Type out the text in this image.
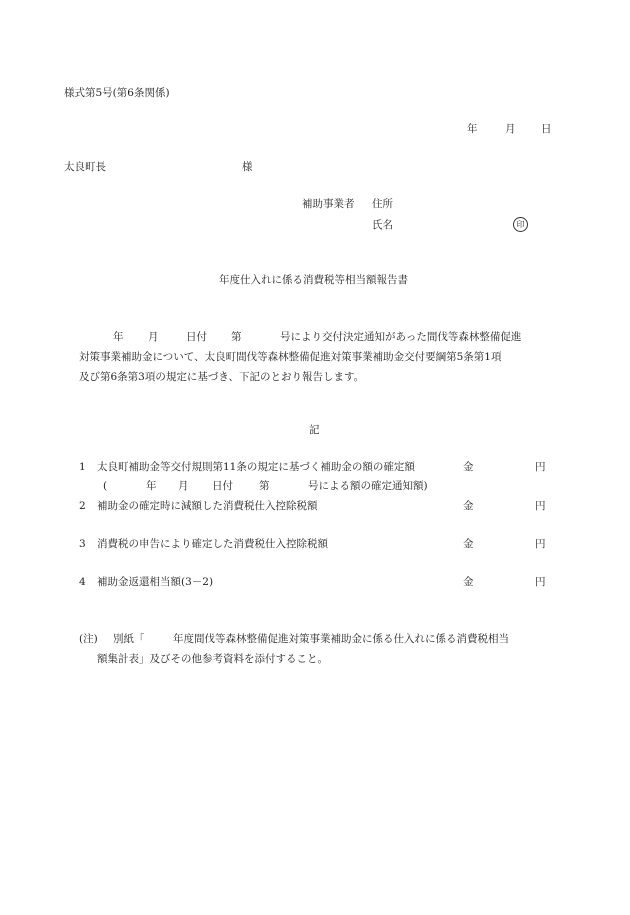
様式第5号(第6条関係)
年	月 日
太良町長	様
補助事業者 住所
氏名	印
年度仕入れに係る消費税等相当額報告書
年 月	日付 第	号により交付決定通知があった間伐等森林整備促進
対策事業補助金について、太良町間伐等森林整備促進対策事業補助金交付要綱第5条第1項
及び第6条第3項の規定に基づき、下記のとおり報告します。
記
1 太良町補助金等交付規則第11条の規定に基づく補助金の額の確定額	金	円
(	年 月 日付 第	号による額の確定通知額)
2 補助金の確定時に減額した消費税仕入控除税額	金	円
3 消費税の申告により確定した消費税仕入控除税額	金	円
4 補助金返還相当額(3－2)	金	円
(注) 別紙「	年度間伐等森林整備促進対策事業補助金に係る仕入れに係る消費税相当
額集計表」及びその他参考資料を添付すること。
